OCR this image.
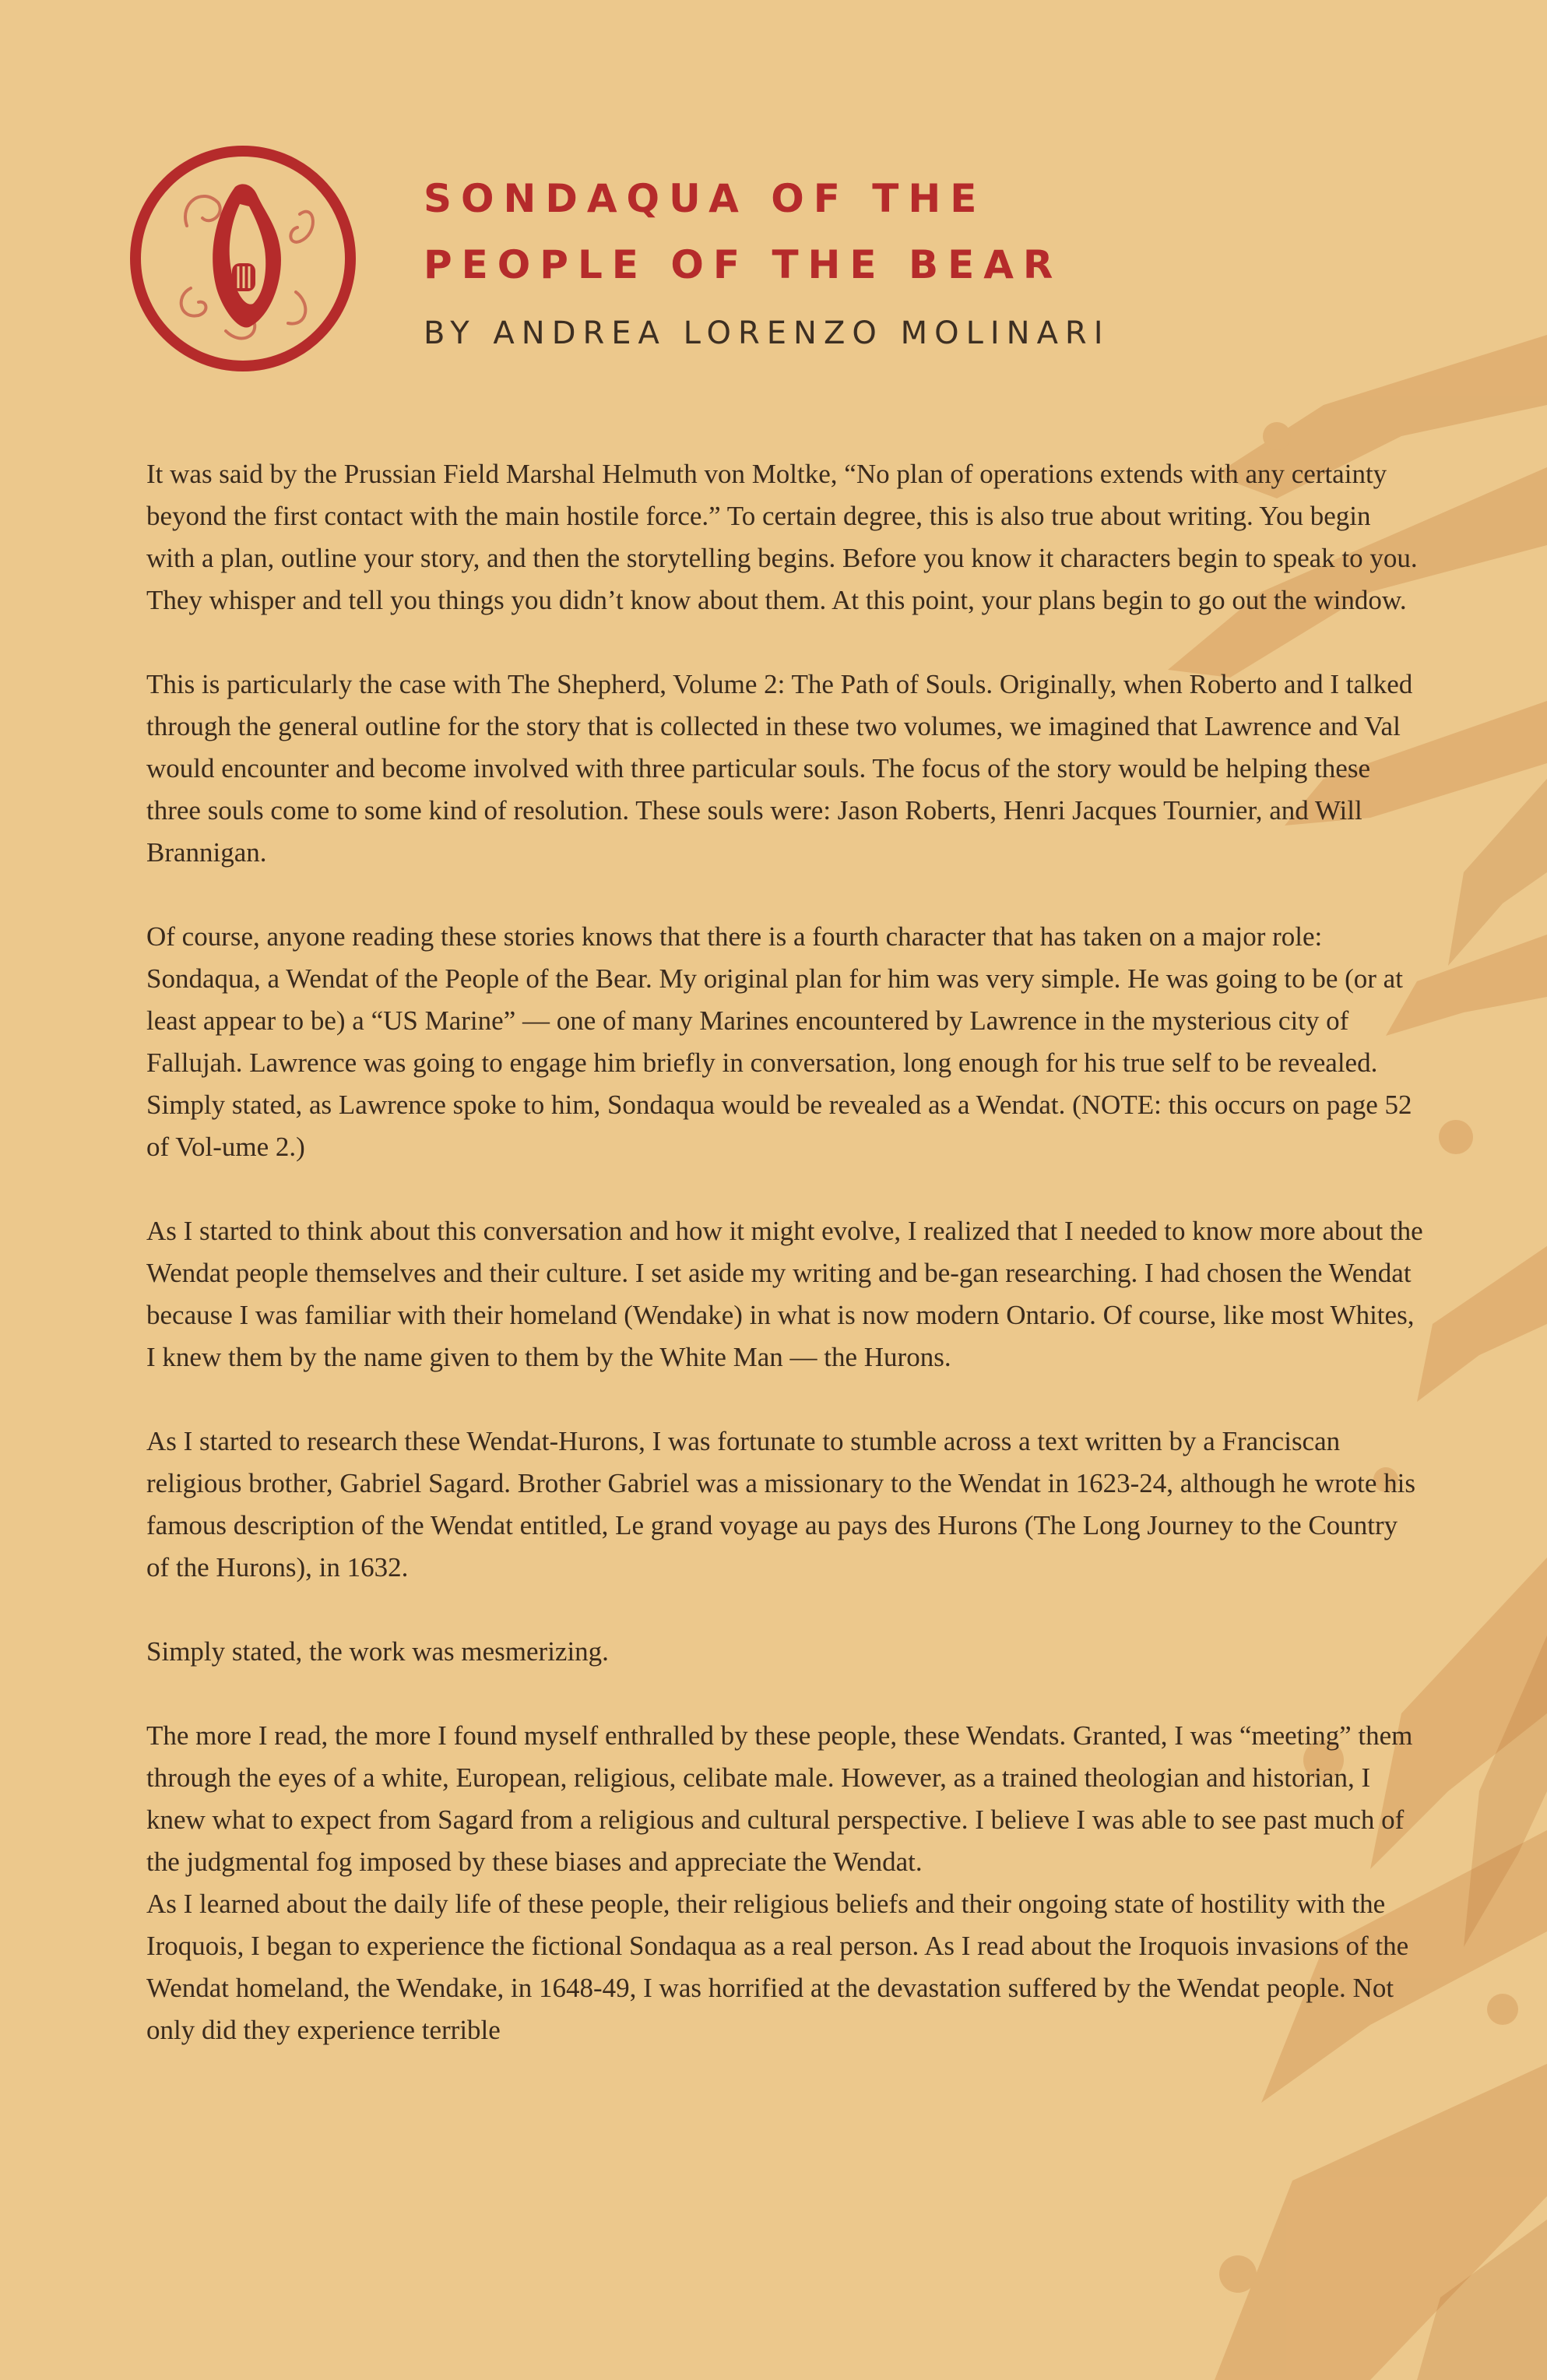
SONDAQUA OF THE
PEOPLE OF THE BEAR

BY ANDREA LORENZO MOLINARI

It was said by the Prussian Field Marshal Helmuth von Moltke, “No plan of operations extends with any certainty beyond the first contact with the main hostile force.” To certain degree, this is also true about writing. You begin with a plan, outline your story, and then the storytelling begins. Before you know it characters begin to speak to you. They whisper and tell you things you didn’t know about them. At this point, your plans begin to go out the window.

This is particularly the case with The Shepherd, Volume 2: The Path of Souls. Originally, when Roberto and I talked through the general outline for the story that is collected in these two volumes, we imagined that Lawrence and Val would encounter and become involved with three particular souls. The focus of the story would be helping these three souls come to some kind of resolution. These souls were: Jason Roberts, Henri Jacques Tournier, and Will Brannigan.

Of course, anyone reading these stories knows that there is a fourth character that has taken on a major role: Sondaqua, a Wendat of the People of the Bear. My original plan for him was very simple. He was going to be (or at least appear to be) a “US Marine” — one of many Marines encountered by Lawrence in the mysterious city of Fallujah. Lawrence was going to engage him briefly in conversation, long enough for his true self to be revealed. Simply stated, as Lawrence spoke to him, Sondaqua would be revealed as a Wendat. (NOTE: this occurs on page 52 of Vol-ume 2.)

As I started to think about this conversation and how it might evolve, I realized that I needed to know more about the Wendat people themselves and their culture. I set aside my writing and be-gan researching. I had chosen the Wendat because I was familiar with their homeland (Wendake) in what is now modern Ontario. Of course, like most Whites, I knew them by the name given to them by the White Man — the Hurons.

As I started to research these Wendat-Hurons, I was fortunate to stumble across a text written by a Franciscan religious brother, Gabriel Sagard. Brother Gabriel was a missionary to the Wendat in 1623-24, although he wrote his famous description of the Wendat entitled, Le grand voyage au pays des Hurons (The Long Journey to the Country of the Hurons), in 1632.

Simply stated, the work was mesmerizing.

The more I read, the more I found myself enthralled by these people, these Wendats. Granted, I was “meeting” them through the eyes of a white, European, religious, celibate male. However, as a trained theologian and historian, I knew what to expect from Sagard from a religious and cultural perspective. I believe I was able to see past much of the judgmental fog imposed by these biases and appreciate the Wendat.

As I learned about the daily life of these people, their religious beliefs and their ongoing state of hostility with the Iroquois, I began to experience the fictional Sondaqua as a real person. As I read about the Iroquois invasions of the Wendat homeland, the Wendake, in 1648-49, I was horrified at the devastation suffered by the Wendat people. Not only did they experience terrible
